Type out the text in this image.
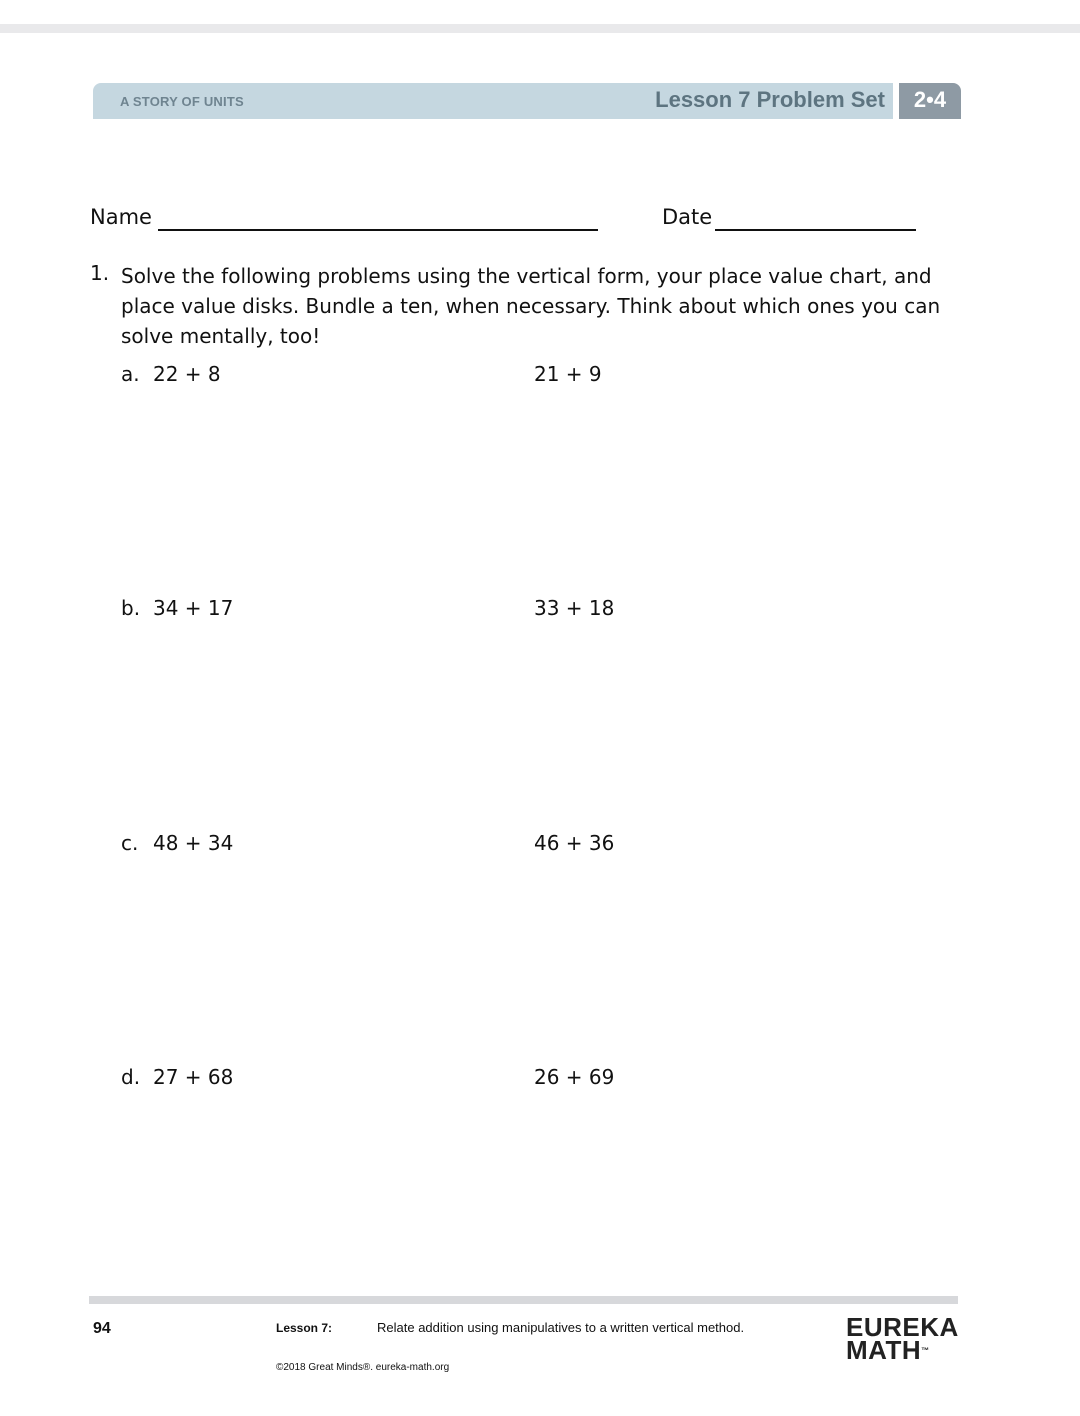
A STORY OF UNITS	Lesson 7 Problem Set	2•4
Name	Date
1. Solve the following problems using the vertical form, your place value chart, and place value disks. Bundle a ten, when necessary. Think about which ones you can solve mentally, too!
a. 22 + 8	21 + 9
b. 34 + 17	33 + 18
c. 48 + 34	46 + 36
d. 27 + 68	26 + 69
94	Lesson 7:	Relate addition using manipulatives to a written vertical method.
©2018 Great Minds®. eureka-math.org
EUREKA
MATH™
